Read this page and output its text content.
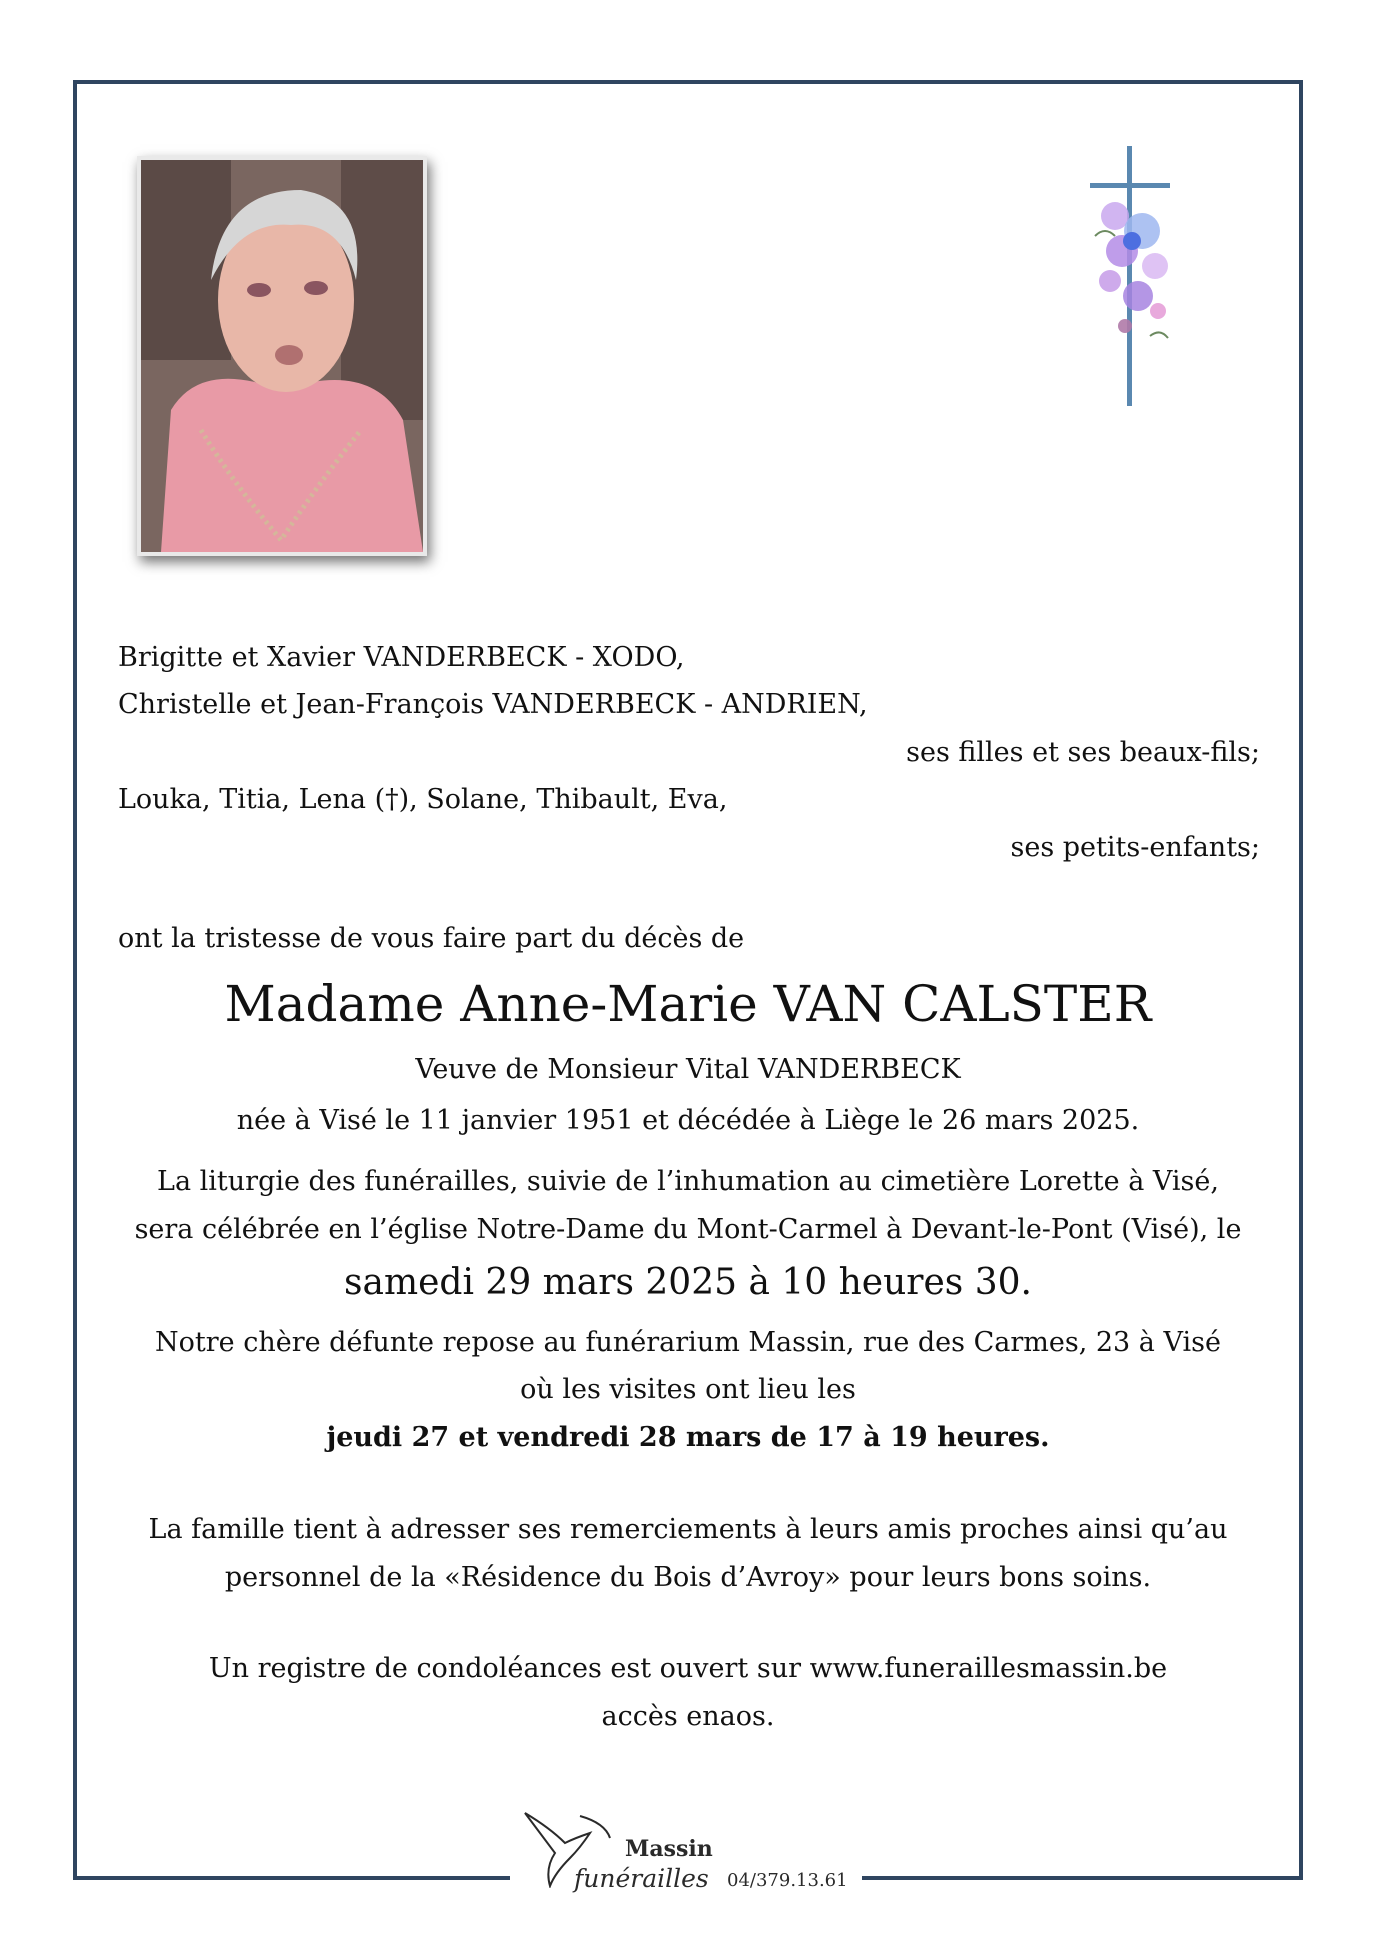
Brigitte et Xavier VANDERBECK - XODO,

Christelle et Jean-François VANDERBECK - ANDRIEN,

ses filles et ses beaux-fils;

Louka, Titia, Lena (†), Solane, Thibault, Eva,

ses petits-enfants;

ont la tristesse de vous faire part du décès de

Madame Anne-Marie VAN CALSTER

Veuve de Monsieur Vital VANDERBECK

née à Visé le 11 janvier 1951 et décédée à Liège le 26 mars 2025.

La liturgie des funérailles, suivie de l’inhumation au cimetière Lorette à Visé,

sera célébrée en l’église Notre-Dame du Mont-Carmel à Devant-le-Pont (Visé), le

samedi 29 mars 2025 à 10 heures 30.

Notre chère défunte repose au funérarium Massin, rue des Carmes, 23 à Visé

où les visites ont lieu les

jeudi 27 et vendredi 28 mars de 17 à 19 heures.

La famille tient à adresser ses remerciements à leurs amis proches ainsi qu’au

personnel de la «Résidence du Bois d’Avroy» pour leurs bons soins.

Un registre de condoléances est ouvert sur www.funeraillesmassin.be

accès enaos.

Massin
funérailles 04/379.13.61
